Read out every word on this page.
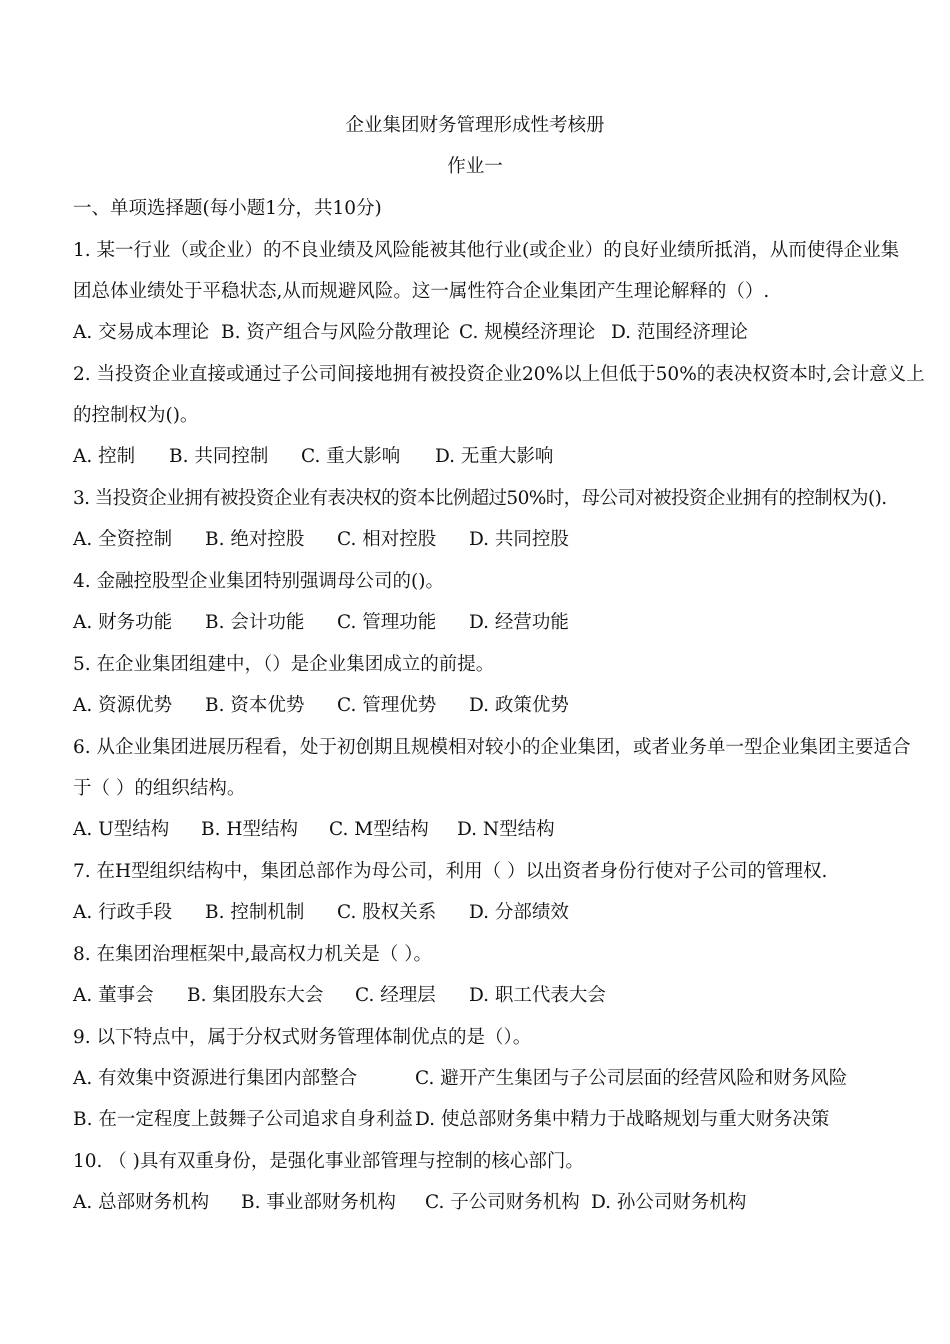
企业集团财务管理形成性考核册
作业一
一、单项选择题(每小题1分，共10分)
1. 某一行业（或企业）的不良业绩及风险能被其他行业(或企业）的良好业绩所抵消，从而使得企业集
团总体业绩处于平稳状态,从而规避风险。这一属性符合企业集团产生理论解释的（）.
A. 交易成本理论 B. 资产组合与风险分散理论 C. 规模经济理论 D. 范围经济理论
2. 当投资企业直接或通过子公司间接地拥有被投资企业20%以上但低于50%的表决权资本时,会计意义上
的控制权为()。
A. 控制 B. 共同控制 C. 重大影响 D. 无重大影响
3. 当投资企业拥有被投资企业有表决权的资本比例超过50%时，母公司对被投资企业拥有的控制权为().
A. 全资控制 B. 绝对控股 C. 相对控股 D. 共同控股
4. 金融控股型企业集团特别强调母公司的()。
A. 财务功能 B. 会计功能 C. 管理功能 D. 经营功能
5. 在企业集团组建中，（）是企业集团成立的前提。
A. 资源优势 B. 资本优势 C. 管理优势 D. 政策优势
6. 从企业集团进展历程看，处于初创期且规模相对较小的企业集团，或者业务单一型企业集团主要适合
于（ ）的组织结构。
A. U型结构 B. H型结构 C. M型结构 D. N型结构
7. 在H型组织结构中，集团总部作为母公司，利用（ ）以出资者身份行使对子公司的管理权.
A. 行政手段 B. 控制机制 C. 股权关系 D. 分部绩效
8. 在集团治理框架中,最高权力机关是（ ）。
A. 董事会 B. 集团股东大会 C. 经理层 D. 职工代表大会
9. 以下特点中，属于分权式财务管理体制优点的是（）。
A. 有效集中资源进行集团内部整合	C. 避开产生集团与子公司层面的经营风险和财务风险
B. 在一定程度上鼓舞子公司追求自身利益 D. 使总部财务集中精力于战略规划与重大财务决策
10. （ )具有双重身份，是强化事业部管理与控制的核心部门。
A. 总部财务机构 B. 事业部财务机构 C. 子公司财务机构 D. 孙公司财务机构
